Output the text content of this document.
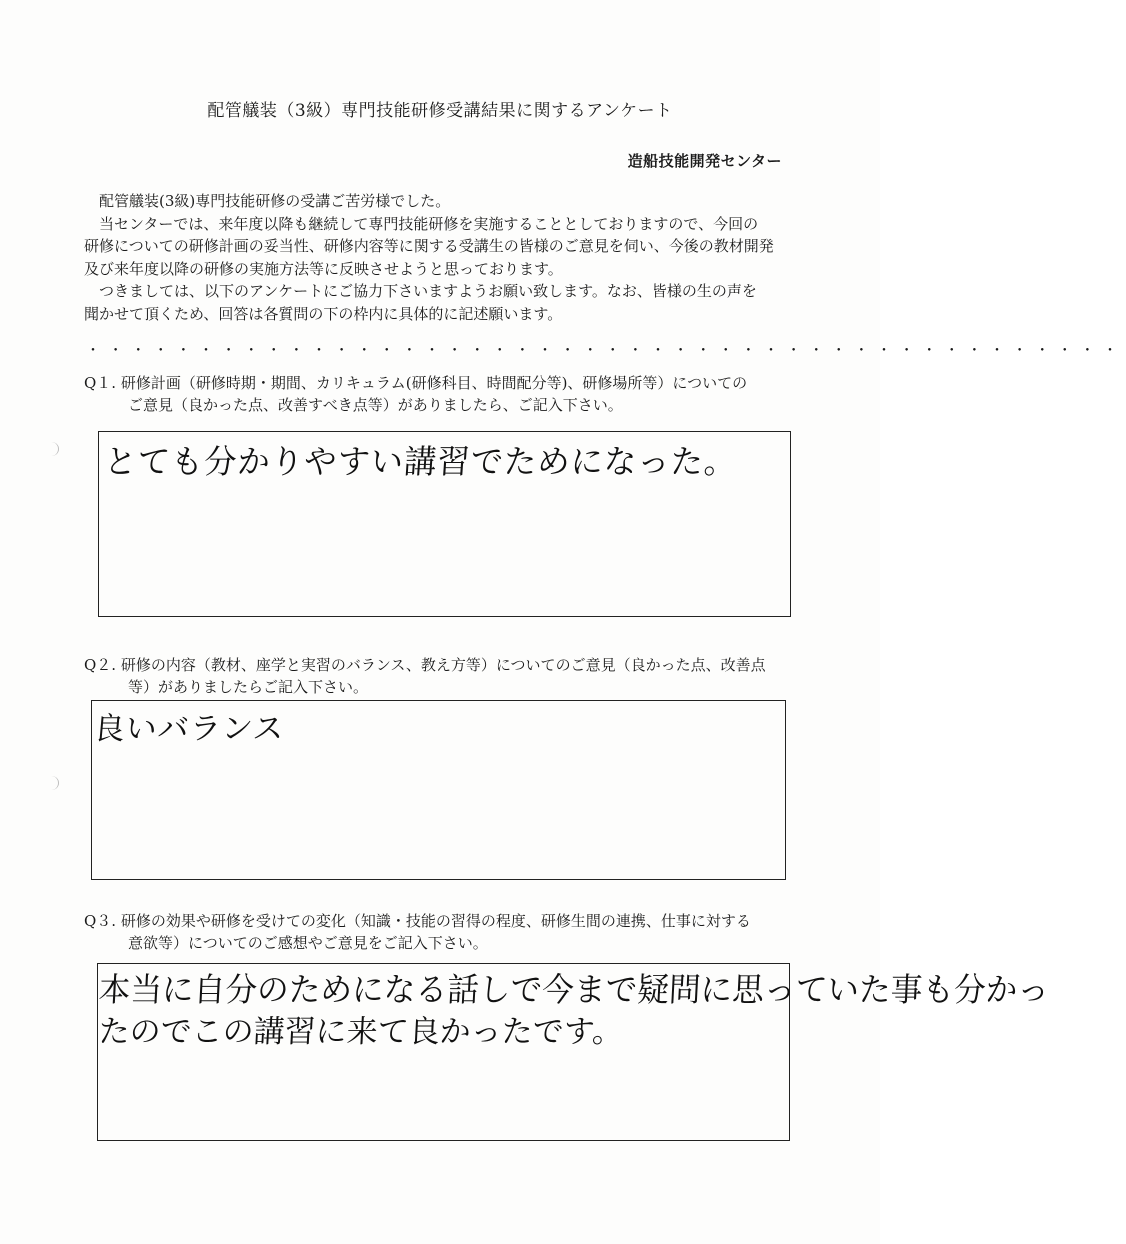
配管艤装（3級）専門技能研修受講結果に関するアンケート
造船技能開発センター

配管艤装(3級)専門技能研修の受講ご苦労様でした。

当センターでは、来年度以降も継続して専門技能研修を実施することとしておりますので、今回の

研修についての研修計画の妥当性、研修内容等に関する受講生の皆様のご意見を伺い、今後の教材開発

及び来年度以降の研修の実施方法等に反映させようと思っております。

つきましては、以下のアンケートにご協力下さいますようお願い致します。なお、皆様の生の声を

聞かせて頂くため、回答は各質問の下の枠内に具体的に記述願います。

・・・・・・・・・・・・・・・・・・・・・・・・・・・・・・・・・・・・・・・・・・・・・・
Q１. 研修計画（研修時期・期間、カリキュラム(研修科目、時間配分等)、研修場所等）についての
ご意見（良かった点、改善すべき点等）がありましたら、ご記入下さい。
とても分かりやすい講習でためになった。
Q２. 研修の内容（教材、座学と実習のバランス、教え方等）についてのご意見（良かった点、改善点
等）がありましたらご記入下さい。
良いバランス
Q３. 研修の効果や研修を受けての変化（知識・技能の習得の程度、研修生間の連携、仕事に対する
意欲等）についてのご感想やご意見をご記入下さい。
本当に自分のためになる話しで今まで疑問に思っていた事も分かっ
たのでこの講習に来て良かったです。
